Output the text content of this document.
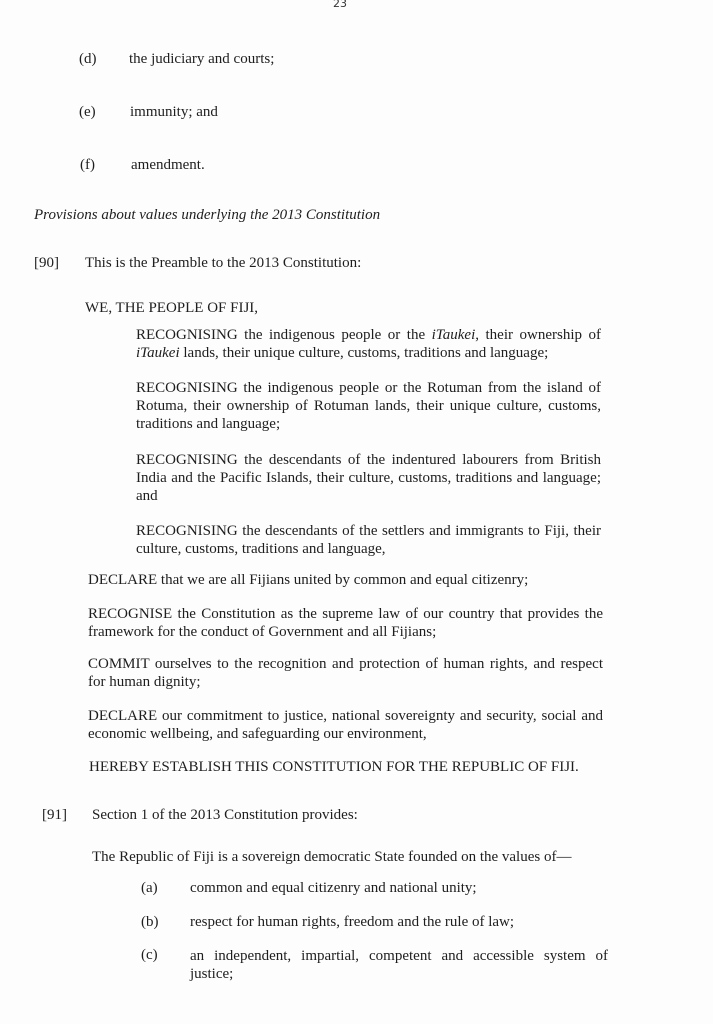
23
(d) the judiciary and courts;
(e) immunity; and
(f) amendment.
Provisions about values underlying the 2013 Constitution
[90] This is the Preamble to the 2013 Constitution:
WE, THE PEOPLE OF FIJI,
RECOGNISING the indigenous people or the iTaukei, their ownership of iTaukei lands, their unique culture, customs, traditions and language;
RECOGNISING the indigenous people or the Rotuman from the island of Rotuma, their ownership of Rotuman lands, their unique culture, customs, traditions and language;
RECOGNISING the descendants of the indentured labourers from British India and the Pacific Islands, their culture, customs, traditions and language; and
RECOGNISING the descendants of the settlers and immigrants to Fiji, their culture, customs, traditions and language,
DECLARE that we are all Fijians united by common and equal citizenry;
RECOGNISE the Constitution as the supreme law of our country that provides the framework for the conduct of Government and all Fijians;
COMMIT ourselves to the recognition and protection of human rights, and respect for human dignity;
DECLARE our commitment to justice, national sovereignty and security, social and economic wellbeing, and safeguarding our environment,
HEREBY ESTABLISH THIS CONSTITUTION FOR THE REPUBLIC OF FIJI.
[91] Section 1 of the 2013 Constitution provides:
The Republic of Fiji is a sovereign democratic State founded on the values of—
(a) common and equal citizenry and national unity;
(b) respect for human rights, freedom and the rule of law;
(c) an independent, impartial, competent and accessible system of justice;
